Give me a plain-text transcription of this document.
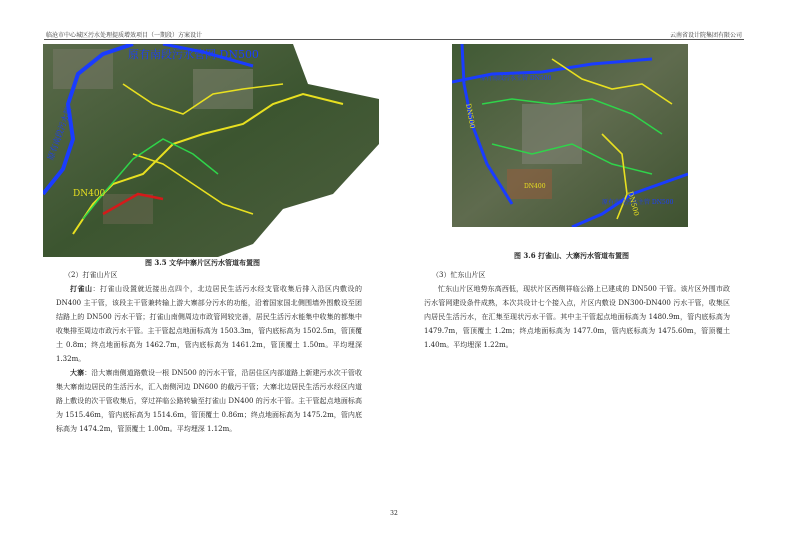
临沧市中心城区污水处理提质增效项目（一期段）方案设计	云南省设计院集团有限公司
原有南段污水管网 DN500
DN400
原有南段污水管
图 3.5 文华中寨片区污水管道布置图
原有南段污水主管 DN500
原有南段污水主管 DN500
DN500
DN500
DN400
图 3.6 打雀山、大寨污水管道布置图

（2）打雀山片区

打雀山：打雀山设置就近接出点四个，北边居民生活污水经支管收集后排入沿区内敷设的 DN400 主干管，该段主干管兼转输上游大寨部分污水的功能，沿着国家国北侧围墙外围敷设至团结路上的 DN500 污水干管；打雀山南侧周边市政管网较完善，居民生活污水能集中收集的都集中收集排至周边市政污水干管。主干管起点地面标高为 1503.3m，管内底标高为 1502.5m，管顶覆土 0.8m；终点地面标高为 1462.7m，管内底标高为 1461.2m，管顶覆土 1.50m。平均埋深 1.32m。

大寨：沿大寨南侧道路敷设一根 DN500 的污水干管，沿居住区内部道路上新建污水次干管收集大寨南边居民的生活污水，汇入南侧河边 DN600 的截污干管；大寨北边居民生活污水经区内道路上敷设的次干管收集后，穿过祥临公路转输至打雀山 DN400 的污水干管。主干管起点地面标高为 1515.46m，管内底标高为 1514.6m，管顶覆土 0.86m；终点地面标高为 1475.2m，管内底标高为 1474.2m，管顶覆土 1.00m。平均埋深 1.12m。

（3）忙东山片区

忙东山片区地势东高西低，现状片区西侧祥临公路上已建成的 DN500 干管。该片区外围市政污水管网建设条件成熟，本次共设计七个接入点，片区内敷设 DN300-DN400 污水干管，收集区内居民生活污水，在汇集至现状污水干管。其中主干管起点地面标高为 1480.9m，管内底标高为 1479.7m，管顶覆土 1.2m；终点地面标高为 1477.0m，管内底标高为 1475.60m，管顶覆土 1.40m。平均埋深 1.22m。

32
